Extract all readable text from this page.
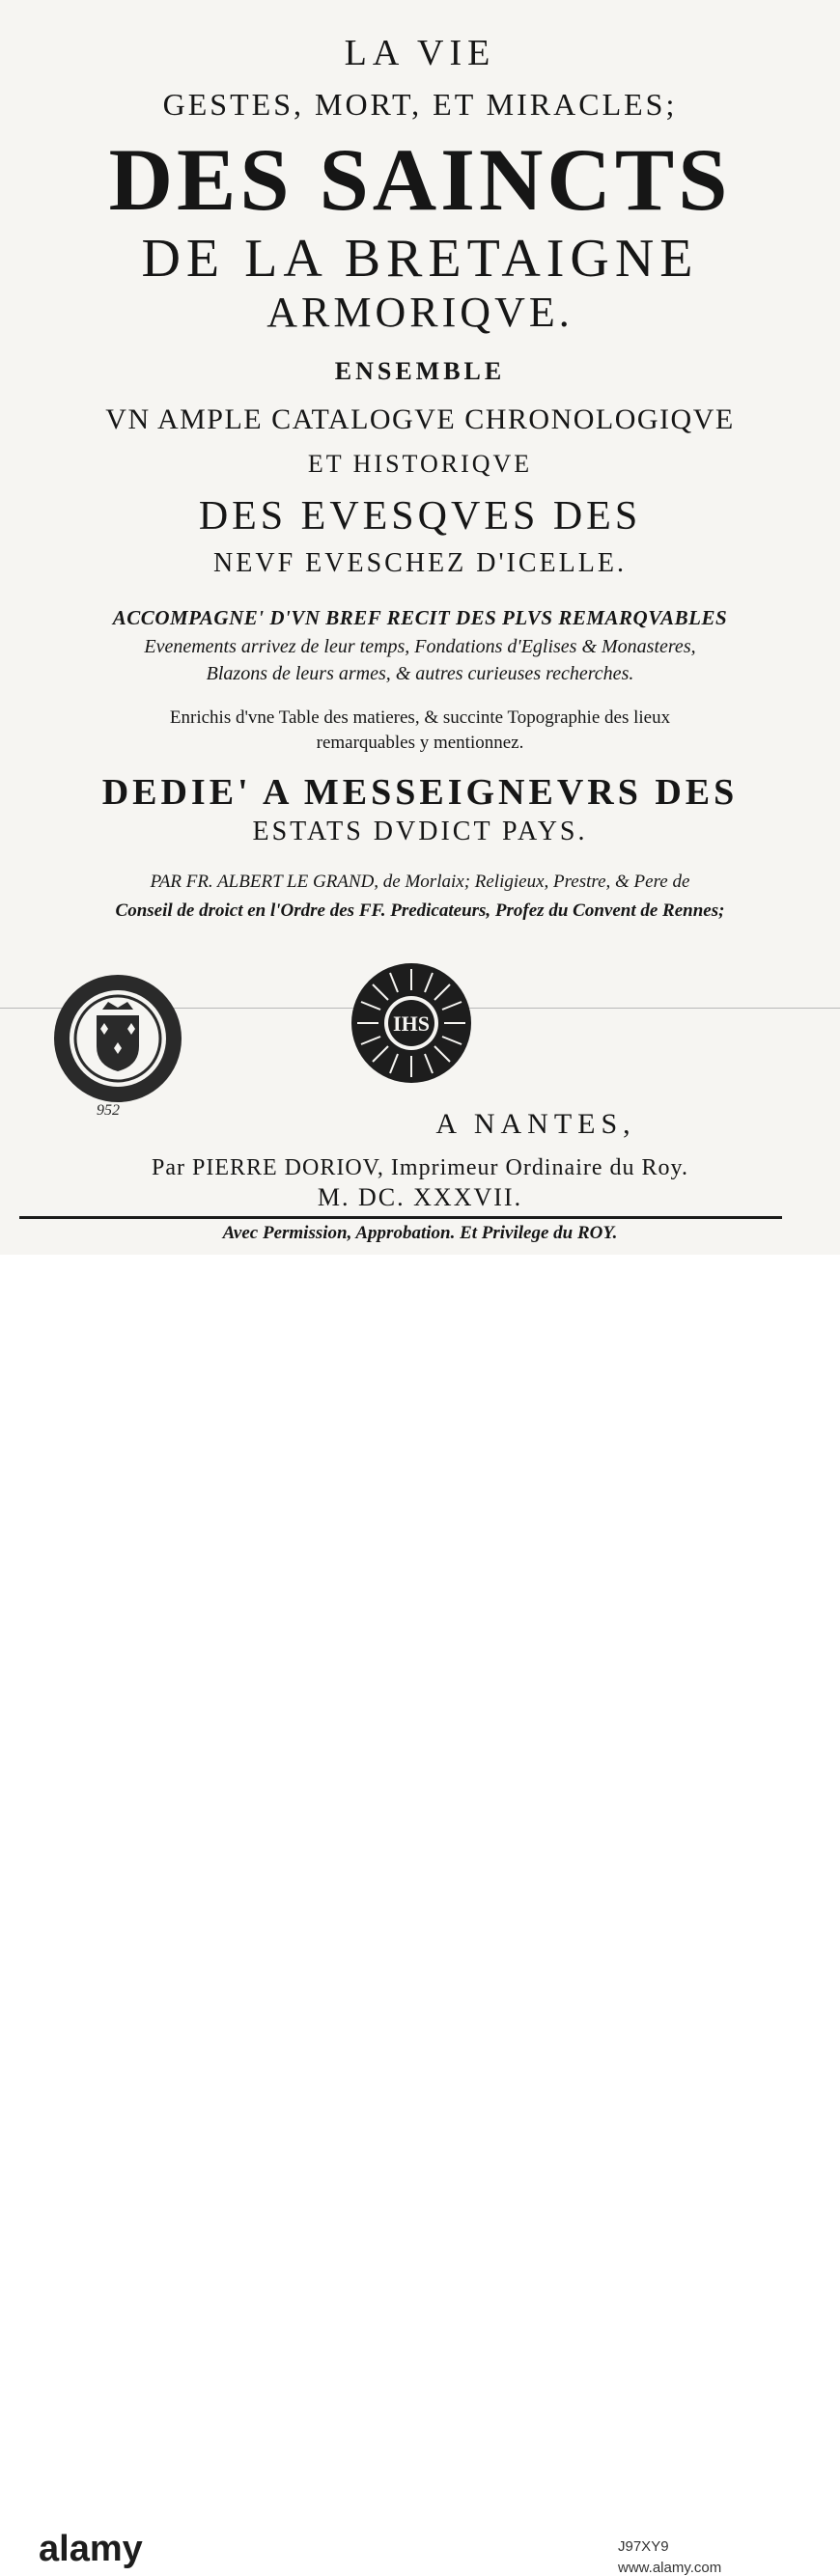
LA VIE
GESTES, MORT, ET MIRACLES;
DES SAINCTS
DE LA BRETAIGNE
ARMORIQVE.
ENSEMBLE
VN AMPLE CATALOGVE CHRONOLOGIQVE
ET HISTORIQVE
DES EVESQVES DES
NEVF EVESCHEZ D'ICELLE.
ACCOMPAGNE' D'VN BREF RECIT DES PLVS REMARQVABLES
Evenements arrivez de leur temps, Fondations d'Eglises & Monasteres,
Blazons de leurs armes, & autres curieuses recherches.
Enrichis d'vne Table des matieres, & succinte Topographie des lieux
remarquables y mentionnez.
DEDIE' A MESSEIGNEVRS DES
ESTATS DVDICT PAYS.
PAR FR. ALBERT LE GRAND, de Morlaix; Religieux, Prestre, & Pere de
Conseil de droict en l'Ordre des FF. Predicateurs, Profez du Convent de Rennes;
952
IHS
A NANTES,
Par PIERRE DORIOV, Imprimeur Ordinaire du Roy.
M. DC. XXXVII.
Avec Permission, Approbation. Et Privilege du ROY.
alamy	J97XY9
www.alamy.com
